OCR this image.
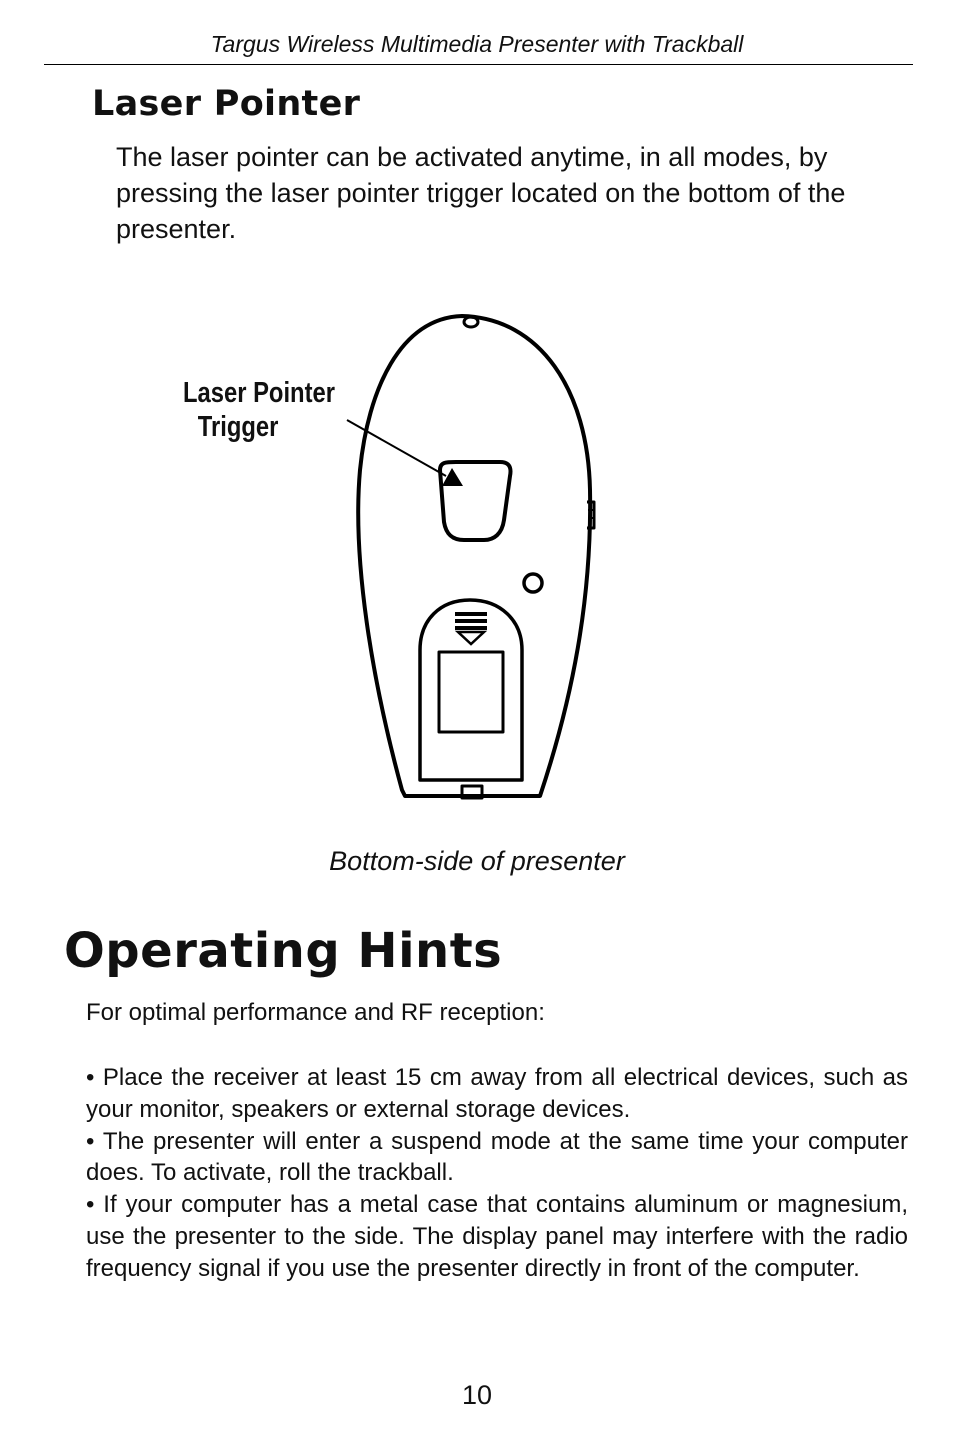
Targus Wireless Multimedia Presenter with Trackball
Laser Pointer
The laser pointer can be activated anytime, in all modes, by pressing the laser pointer trigger located on the bottom of the presenter.
Laser Pointer
Trigger
Bottom-side of presenter
Operating Hints
For optimal performance and RF reception:

• Place the receiver at least 15 cm away from all electrical devices, such as your monitor, speakers or external storage devices.

• The presenter will enter a suspend mode at the same time your computer does. To activate, roll the trackball.

• If your computer has a metal case that contains aluminum or magnesium, use the presenter to the side. The display panel may interfere with the radio frequency signal if you use the presenter directly in front of the computer.

10
